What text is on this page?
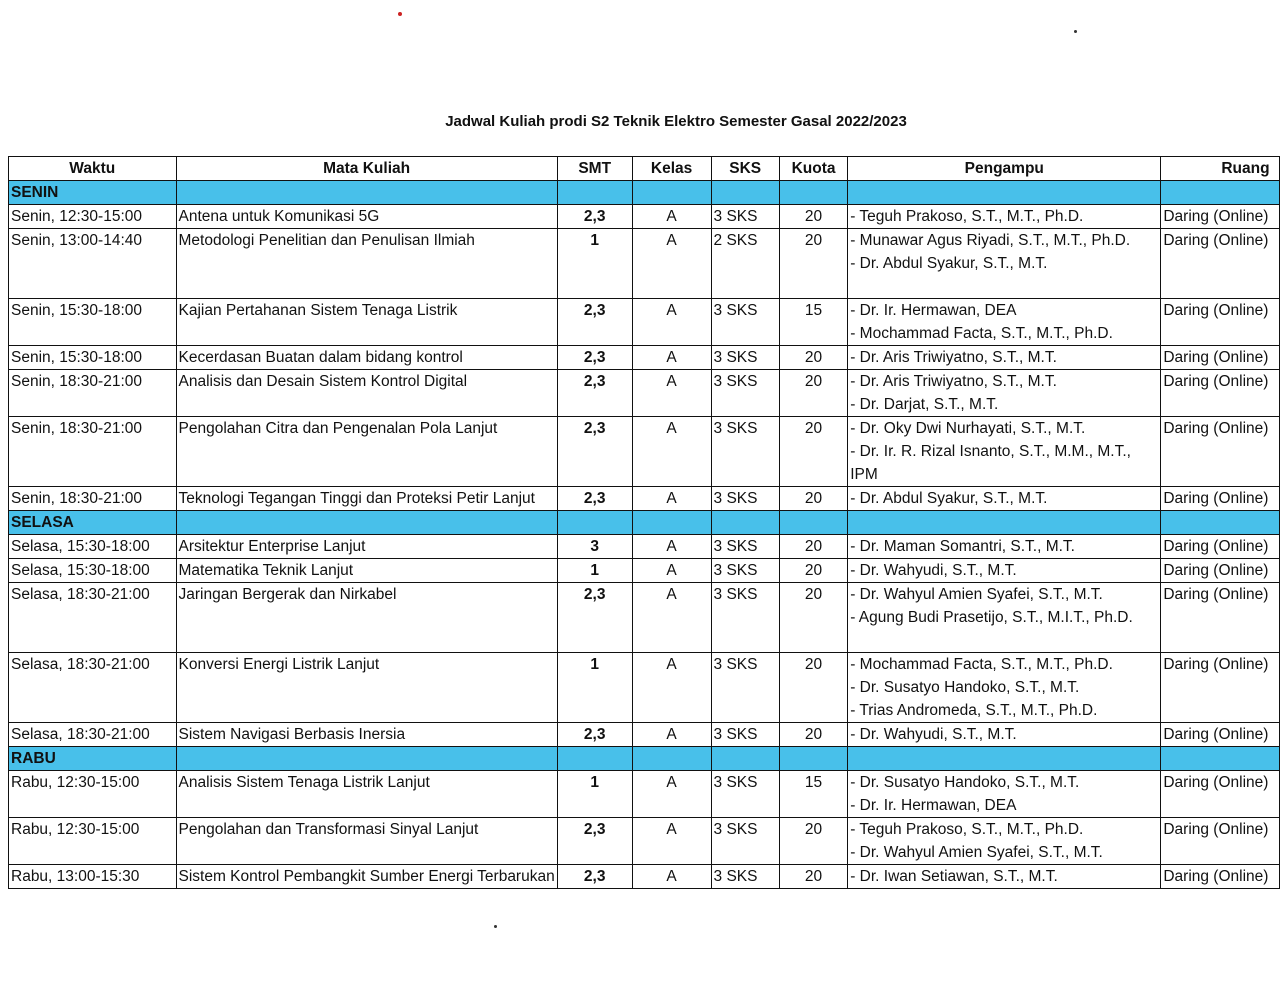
Jadwal Kuliah prodi S2 Teknik Elektro Semester Gasal 2022/2023
Waktu	Mata Kuliah	SMT	Kelas	SKS	Kuota	Pengampu	Ruang
SENIN							
Senin, 12:30-15:00	Antena untuk Komunikasi 5G	2,3	A	3 SKS	20	- Teguh Prakoso, S.T., M.T., Ph.D.	Daring (Online)
Senin, 13:00-14:40	Metodologi Penelitian dan Penulisan Ilmiah	1	A	2 SKS	20	- Munawar Agus Riyadi, S.T., M.T., Ph.D.
- Dr. Abdul Syakur, S.T., M.T.	Daring (Online)
Senin, 15:30-18:00	Kajian Pertahanan Sistem Tenaga Listrik	2,3	A	3 SKS	15	- Dr. Ir. Hermawan, DEA
- Mochammad Facta, S.T., M.T., Ph.D.	Daring (Online)
Senin, 15:30-18:00	Kecerdasan Buatan dalam bidang kontrol	2,3	A	3 SKS	20	- Dr. Aris Triwiyatno, S.T., M.T.	Daring (Online)
Senin, 18:30-21:00	Analisis dan Desain Sistem Kontrol Digital	2,3	A	3 SKS	20	- Dr. Aris Triwiyatno, S.T., M.T.
- Dr. Darjat, S.T., M.T.	Daring (Online)
Senin, 18:30-21:00	Pengolahan Citra dan Pengenalan Pola Lanjut	2,3	A	3 SKS	20	- Dr. Oky Dwi Nurhayati, S.T., M.T.
- Dr. Ir. R. Rizal Isnanto, S.T., M.M., M.T.,
IPM	Daring (Online)
Senin, 18:30-21:00	Teknologi Tegangan Tinggi dan Proteksi Petir Lanjut	2,3	A	3 SKS	20	- Dr. Abdul Syakur, S.T., M.T.	Daring (Online)
SELASA							
Selasa, 15:30-18:00	Arsitektur Enterprise Lanjut	3	A	3 SKS	20	- Dr. Maman Somantri, S.T., M.T.	Daring (Online)
Selasa, 15:30-18:00	Matematika Teknik Lanjut	1	A	3 SKS	20	- Dr. Wahyudi, S.T., M.T.	Daring (Online)
Selasa, 18:30-21:00	Jaringan Bergerak dan Nirkabel	2,3	A	3 SKS	20	- Dr. Wahyul Amien Syafei, S.T., M.T.
- Agung Budi Prasetijo, S.T., M.I.T., Ph.D.	Daring (Online)
Selasa, 18:30-21:00	Konversi Energi Listrik Lanjut	1	A	3 SKS	20	- Mochammad Facta, S.T., M.T., Ph.D.
- Dr. Susatyo Handoko, S.T., M.T.
- Trias Andromeda, S.T., M.T., Ph.D.	Daring (Online)
Selasa, 18:30-21:00	Sistem Navigasi Berbasis Inersia	2,3	A	3 SKS	20	- Dr. Wahyudi, S.T., M.T.	Daring (Online)
RABU							
Rabu, 12:30-15:00	Analisis Sistem Tenaga Listrik Lanjut	1	A	3 SKS	15	- Dr. Susatyo Handoko, S.T., M.T.
- Dr. Ir. Hermawan, DEA	Daring (Online)
Rabu, 12:30-15:00	Pengolahan dan Transformasi Sinyal Lanjut	2,3	A	3 SKS	20	- Teguh Prakoso, S.T., M.T., Ph.D.
- Dr. Wahyul Amien Syafei, S.T., M.T.	Daring (Online)
Rabu, 13:00-15:30	Sistem Kontrol Pembangkit Sumber Energi Terbarukan	2,3	A	3 SKS	20	- Dr. Iwan Setiawan, S.T., M.T.	Daring (Online)
